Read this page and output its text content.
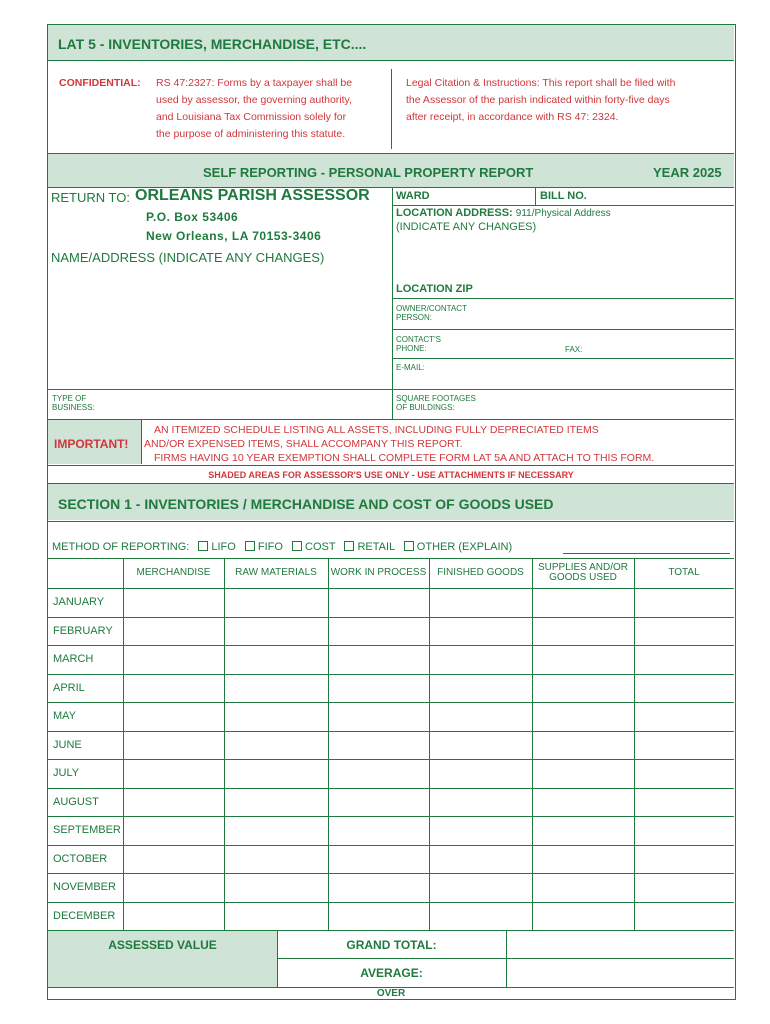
LAT 5 - INVENTORIES, MERCHANDISE, ETC....
CONFIDENTIAL: RS 47:2327: Forms by a taxpayer shall be
used by assessor, the governing authority,
and Louisiana Tax Commission solely for
the purpose of administering this statute.
Legal Citation & Instructions: This report shall be filed with
the Assessor of the parish indicated within forty-five days
after receipt, in accordance with RS 47: 2324.
SELF REPORTING - PERSONAL PROPERTY REPORT	YEAR 2025
RETURN TO: ORLEANS PARISH ASSESSOR
P.O. Box 53406
New Orleans, LA 70153-3406
NAME/ADDRESS (INDICATE ANY CHANGES)
WARD	BILL NO.
LOCATION ADDRESS: 911/Physical Address
(INDICATE ANY CHANGES)
LOCATION ZIP
OWNER/CONTACT
PERSON:
CONTACT'S
PHONE:	FAX:
E-MAIL:
TYPE OF
BUSINESS:
SQUARE FOOTAGES
OF BUILDINGS:
IMPORTANT!
AN ITEMIZED SCHEDULE LISTING ALL ASSETS, INCLUDING FULLY DEPRECIATED ITEMS
AND/OR EXPENSED ITEMS, SHALL ACCOMPANY THIS REPORT.
FIRMS HAVING 10 YEAR EXEMPTION SHALL COMPLETE FORM LAT 5A AND ATTACH TO THIS FORM.
SHADED AREAS FOR ASSESSOR'S USE ONLY - USE ATTACHMENTS IF NECESSARY
SECTION 1 - INVENTORIES / MERCHANDISE AND COST OF GOODS USED
METHOD OF REPORTING: LIFO FIFO COST RETAIL OTHER (EXPLAIN)
MERCHANDISE	RAW MATERIALS	WORK IN PROCESS	FINISHED GOODS	SUPPLIES AND/OR GOODS USED	TOTAL
JANUARY
FEBRUARY
MARCH
APRIL
MAY
JUNE
JULY
AUGUST
SEPTEMBER
OCTOBER
NOVEMBER
DECEMBER
ASSESSED VALUE	GRAND TOTAL:
AVERAGE:
OVER
